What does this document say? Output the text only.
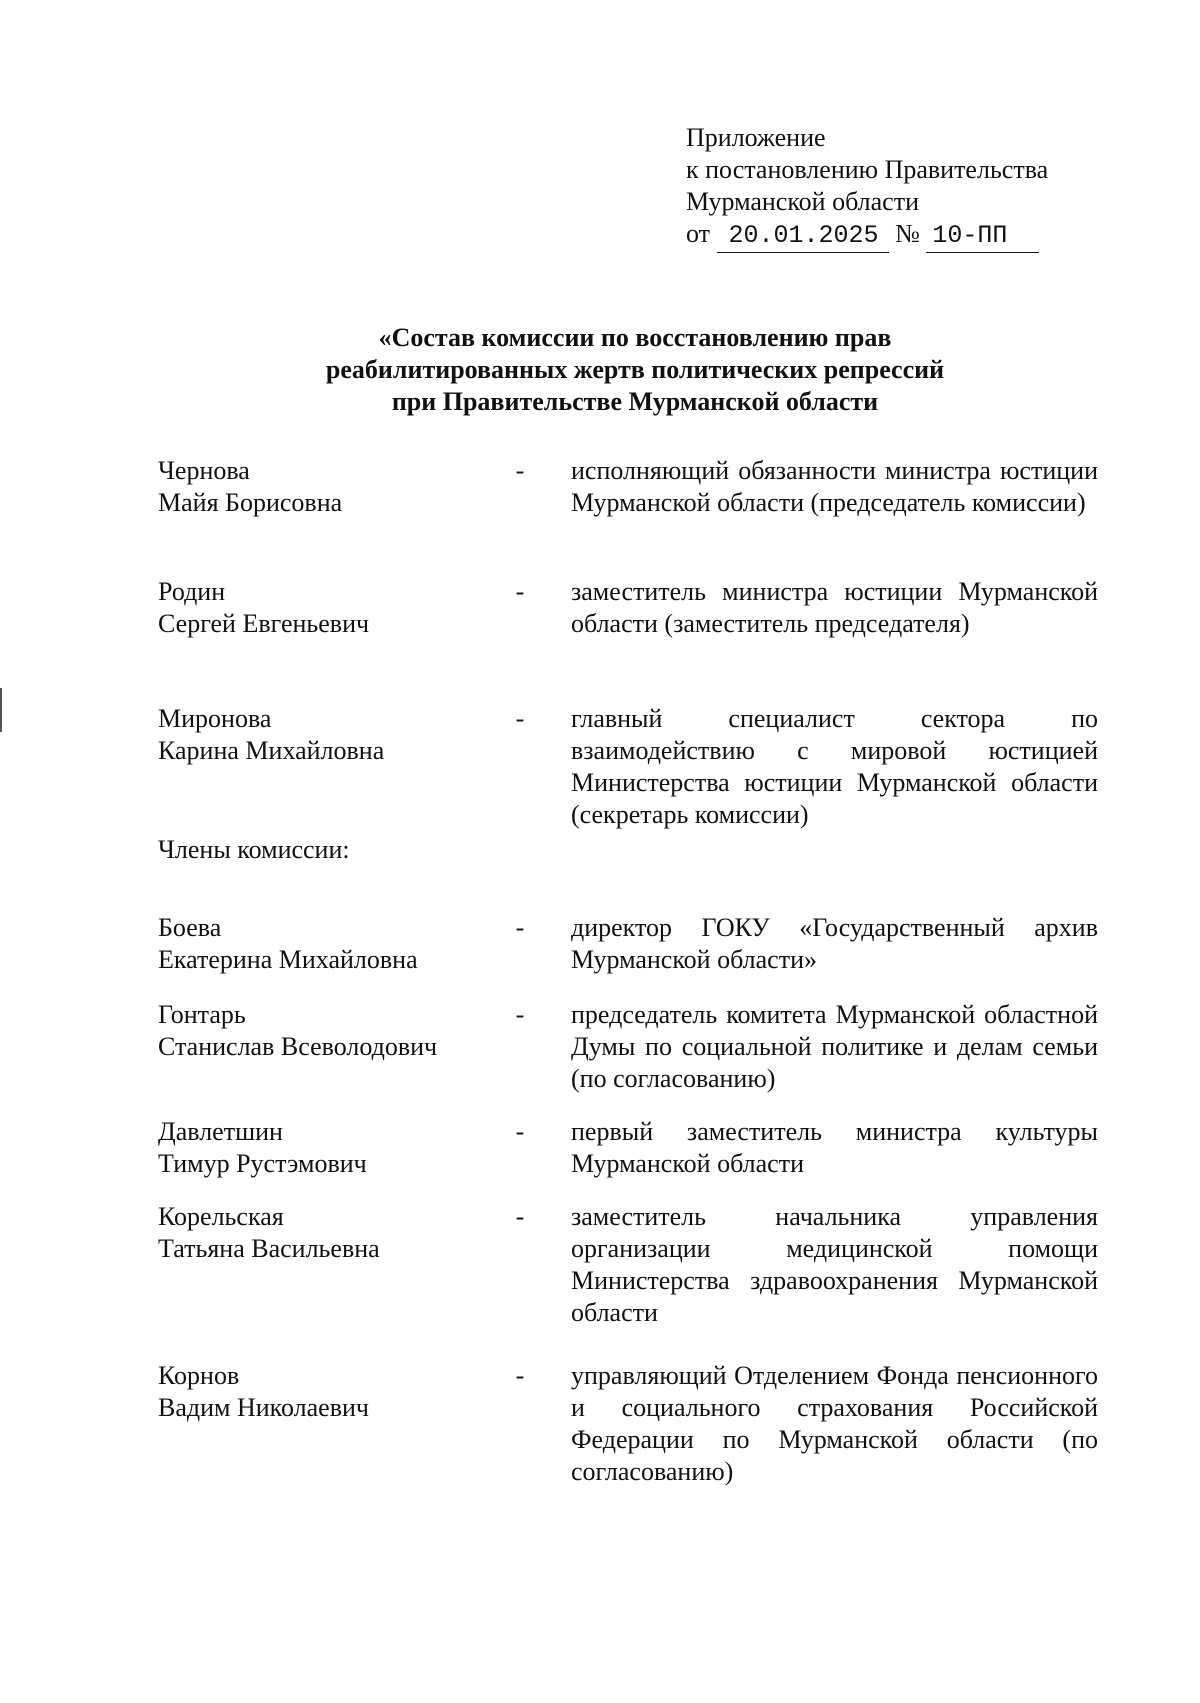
Приложение
к постановлению Правительства
Мурманской области
от 20.01.2025 № 10-ПП
«Состав комиссии по восстановлению прав
реабилитированных жертв политических репрессий
при Правительстве Мурманской области
Чернова
Майя Борисовна
- исполняющий обязанности министра юстиции Мурманской области (председатель комиссии)
Родин
Сергей Евгеньевич
- заместитель министра юстиции Мурманской области (заместитель председателя)
Миронова
Карина Михайловна
- главный специалист сектора по взаимодействию с мировой юстицией Министерства юстиции Мурманской области (секретарь комиссии)
Члены комиссии:
Боева
Екатерина Михайловна
- директор ГОКУ «Государственный архив Мурманской области»
Гонтарь
Станислав Всеволодович
- председатель комитета Мурманской областной Думы по социальной политике и делам семьи (по согласованию)
Давлетшин
Тимур Рустэмович
- первый заместитель министра культуры Мурманской области
Корельская
Татьяна Васильевна
- заместитель начальника управления организации медицинской помощи Министерства здравоохранения Мурманской области
Корнов
Вадим Николаевич
- управляющий Отделением Фонда пенсионного и социального страхования Российской Федерации по Мурманской области (по согласованию)
